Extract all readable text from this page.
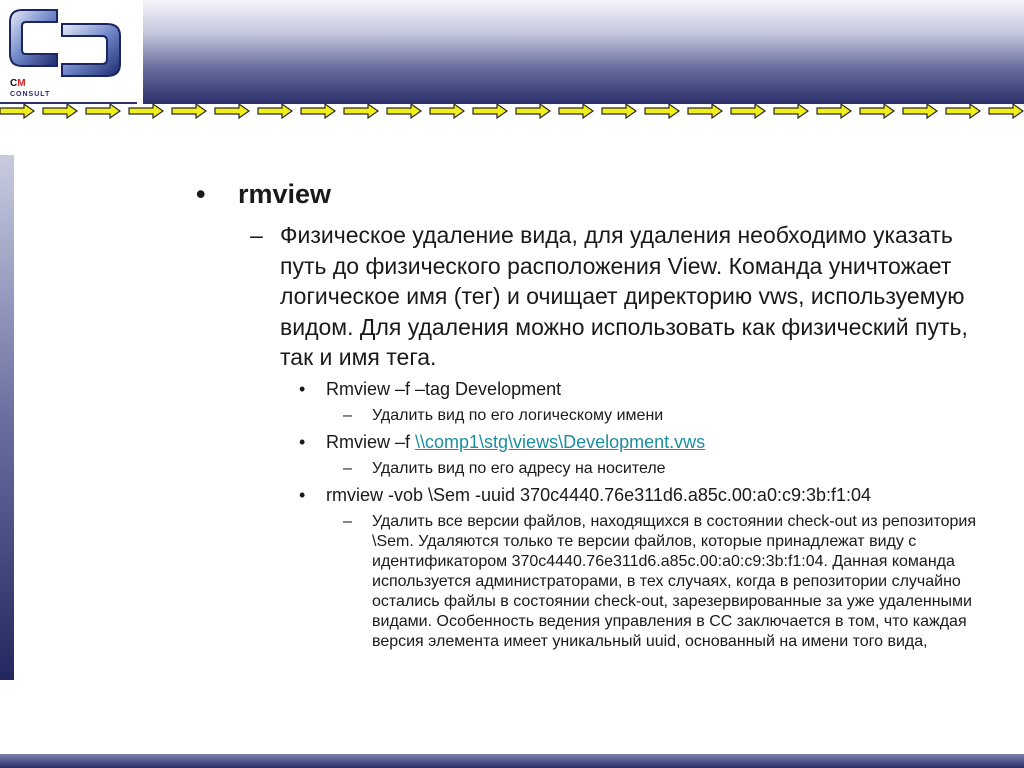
CM
CONSULT
• rmview
– Физическое удаление вида, для удаления необходимо указать путь до физического расположения View. Команда уничтожает логическое имя (тег) и очищает директорию vws, используемую видом. Для удаления можно использовать как физический путь, так и имя тега.
• Rmview –f –tag Development
– Удалить вид по его логическому имени
• Rmview –f \\comp1\stg\views\Development.vws
– Удалить вид по его адресу на носителе
• rmview -vob \Sem -uuid 370c4440.76e311d6.a85c.00:a0:c9:3b:f1:04
– Удалить все версии файлов, находящихся в состоянии check-out из репозитория \Sem. Удаляются только те версии файлов, которые принадлежат виду с идентификатором 370c4440.76e311d6.a85c.00:a0:c9:3b:f1:04. Данная команда используется администраторами, в тех случаях, когда в репозитории случайно остались файлы в состоянии check-out, зарезервированные за уже удаленными видами. Особенность ведения управления в CC заключается в том, что каждая версия элемента имеет уникальный uuid, основанный на имени того вида,
